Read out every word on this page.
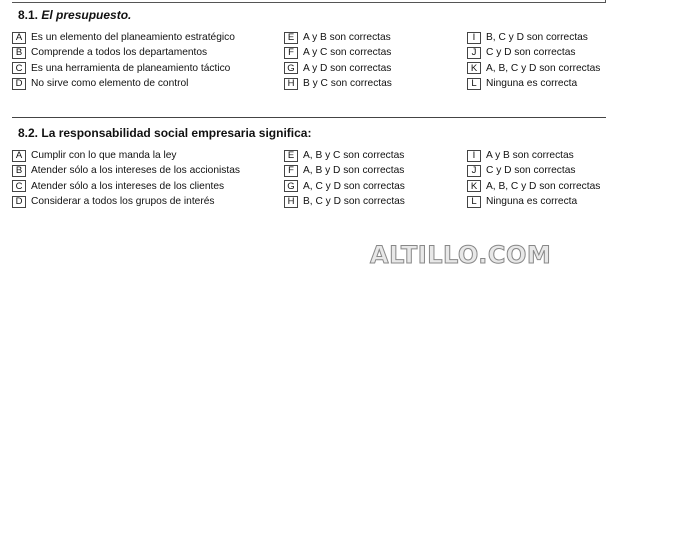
8.1. El presupuesto.
A Es un elemento del planeamiento estratégico
B Comprende a todos los departamentos
C Es una herramienta de planeamiento táctico
D No sirve como elemento de control
E A y B son correctas
F A y C son correctas
G A y D son correctas
H B y C son correctas
I	B, C y D son correctas
J C y D son correctas
K A, B, C y D son correctas
L Ninguna es correcta
8.2. La responsabilidad social empresaria significa:
A Cumplir con lo que manda la ley
B Atender sólo a los intereses de los accionistas
C Atender sólo a los intereses de los clientes
D Considerar a todos los grupos de interés
E A, B y C son correctas
F A, B y D son correctas
G A, C y D son correctas
H B, C y D son correctas
I	A y B son correctas
J C y D son correctas
K A, B, C y D son correctas
L Ninguna es correcta
ALTILLO.COM
